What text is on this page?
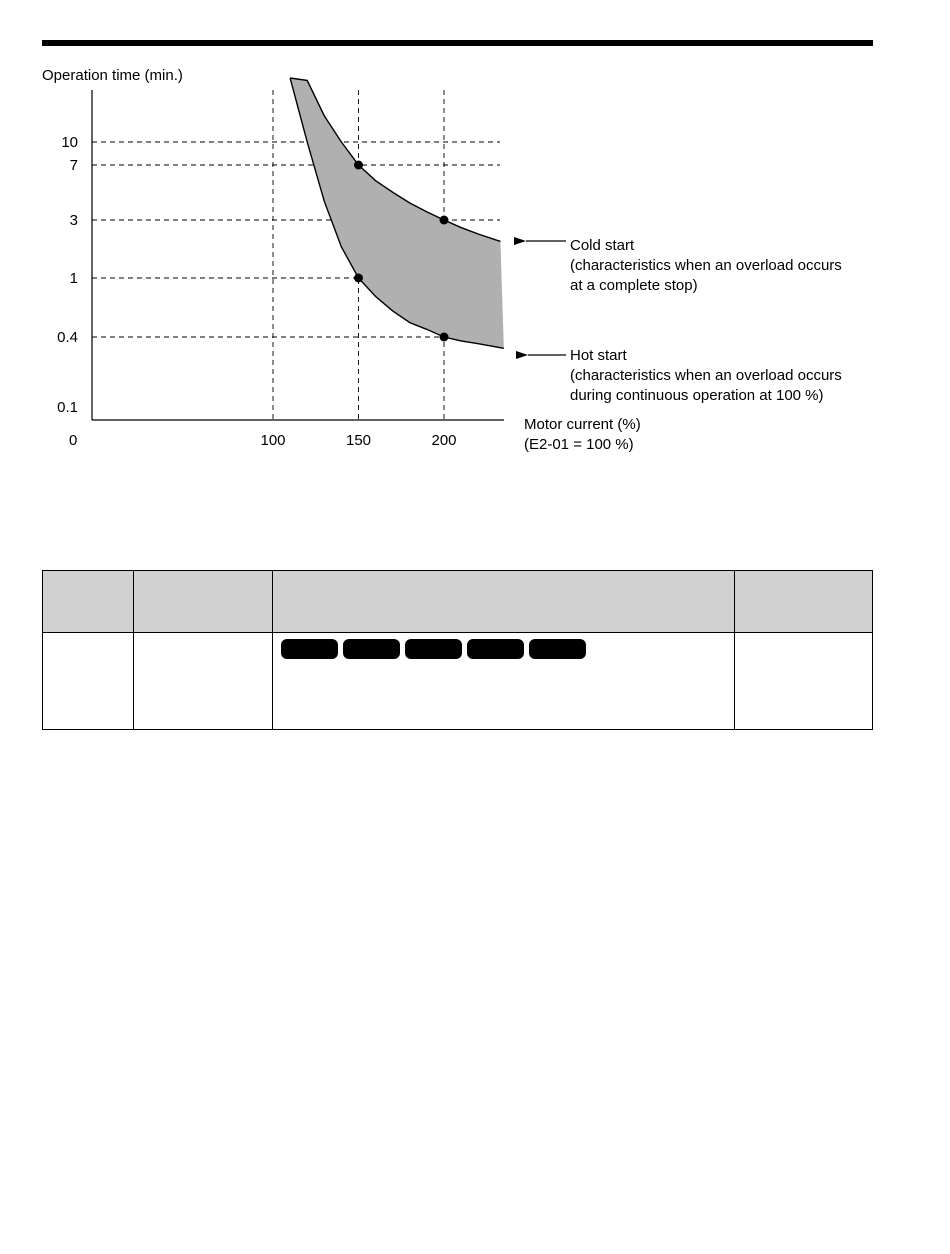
0.1
0.4
1
3
7
10
100	150	200
Operation time (min.)
Motor current (%)
(E2-01 = 100 %)
0
Cold start
(characteristics when an overload occurs at a complete stop)
Hot start
(characteristics when an overload occurs during continuous operation at 100 %)
